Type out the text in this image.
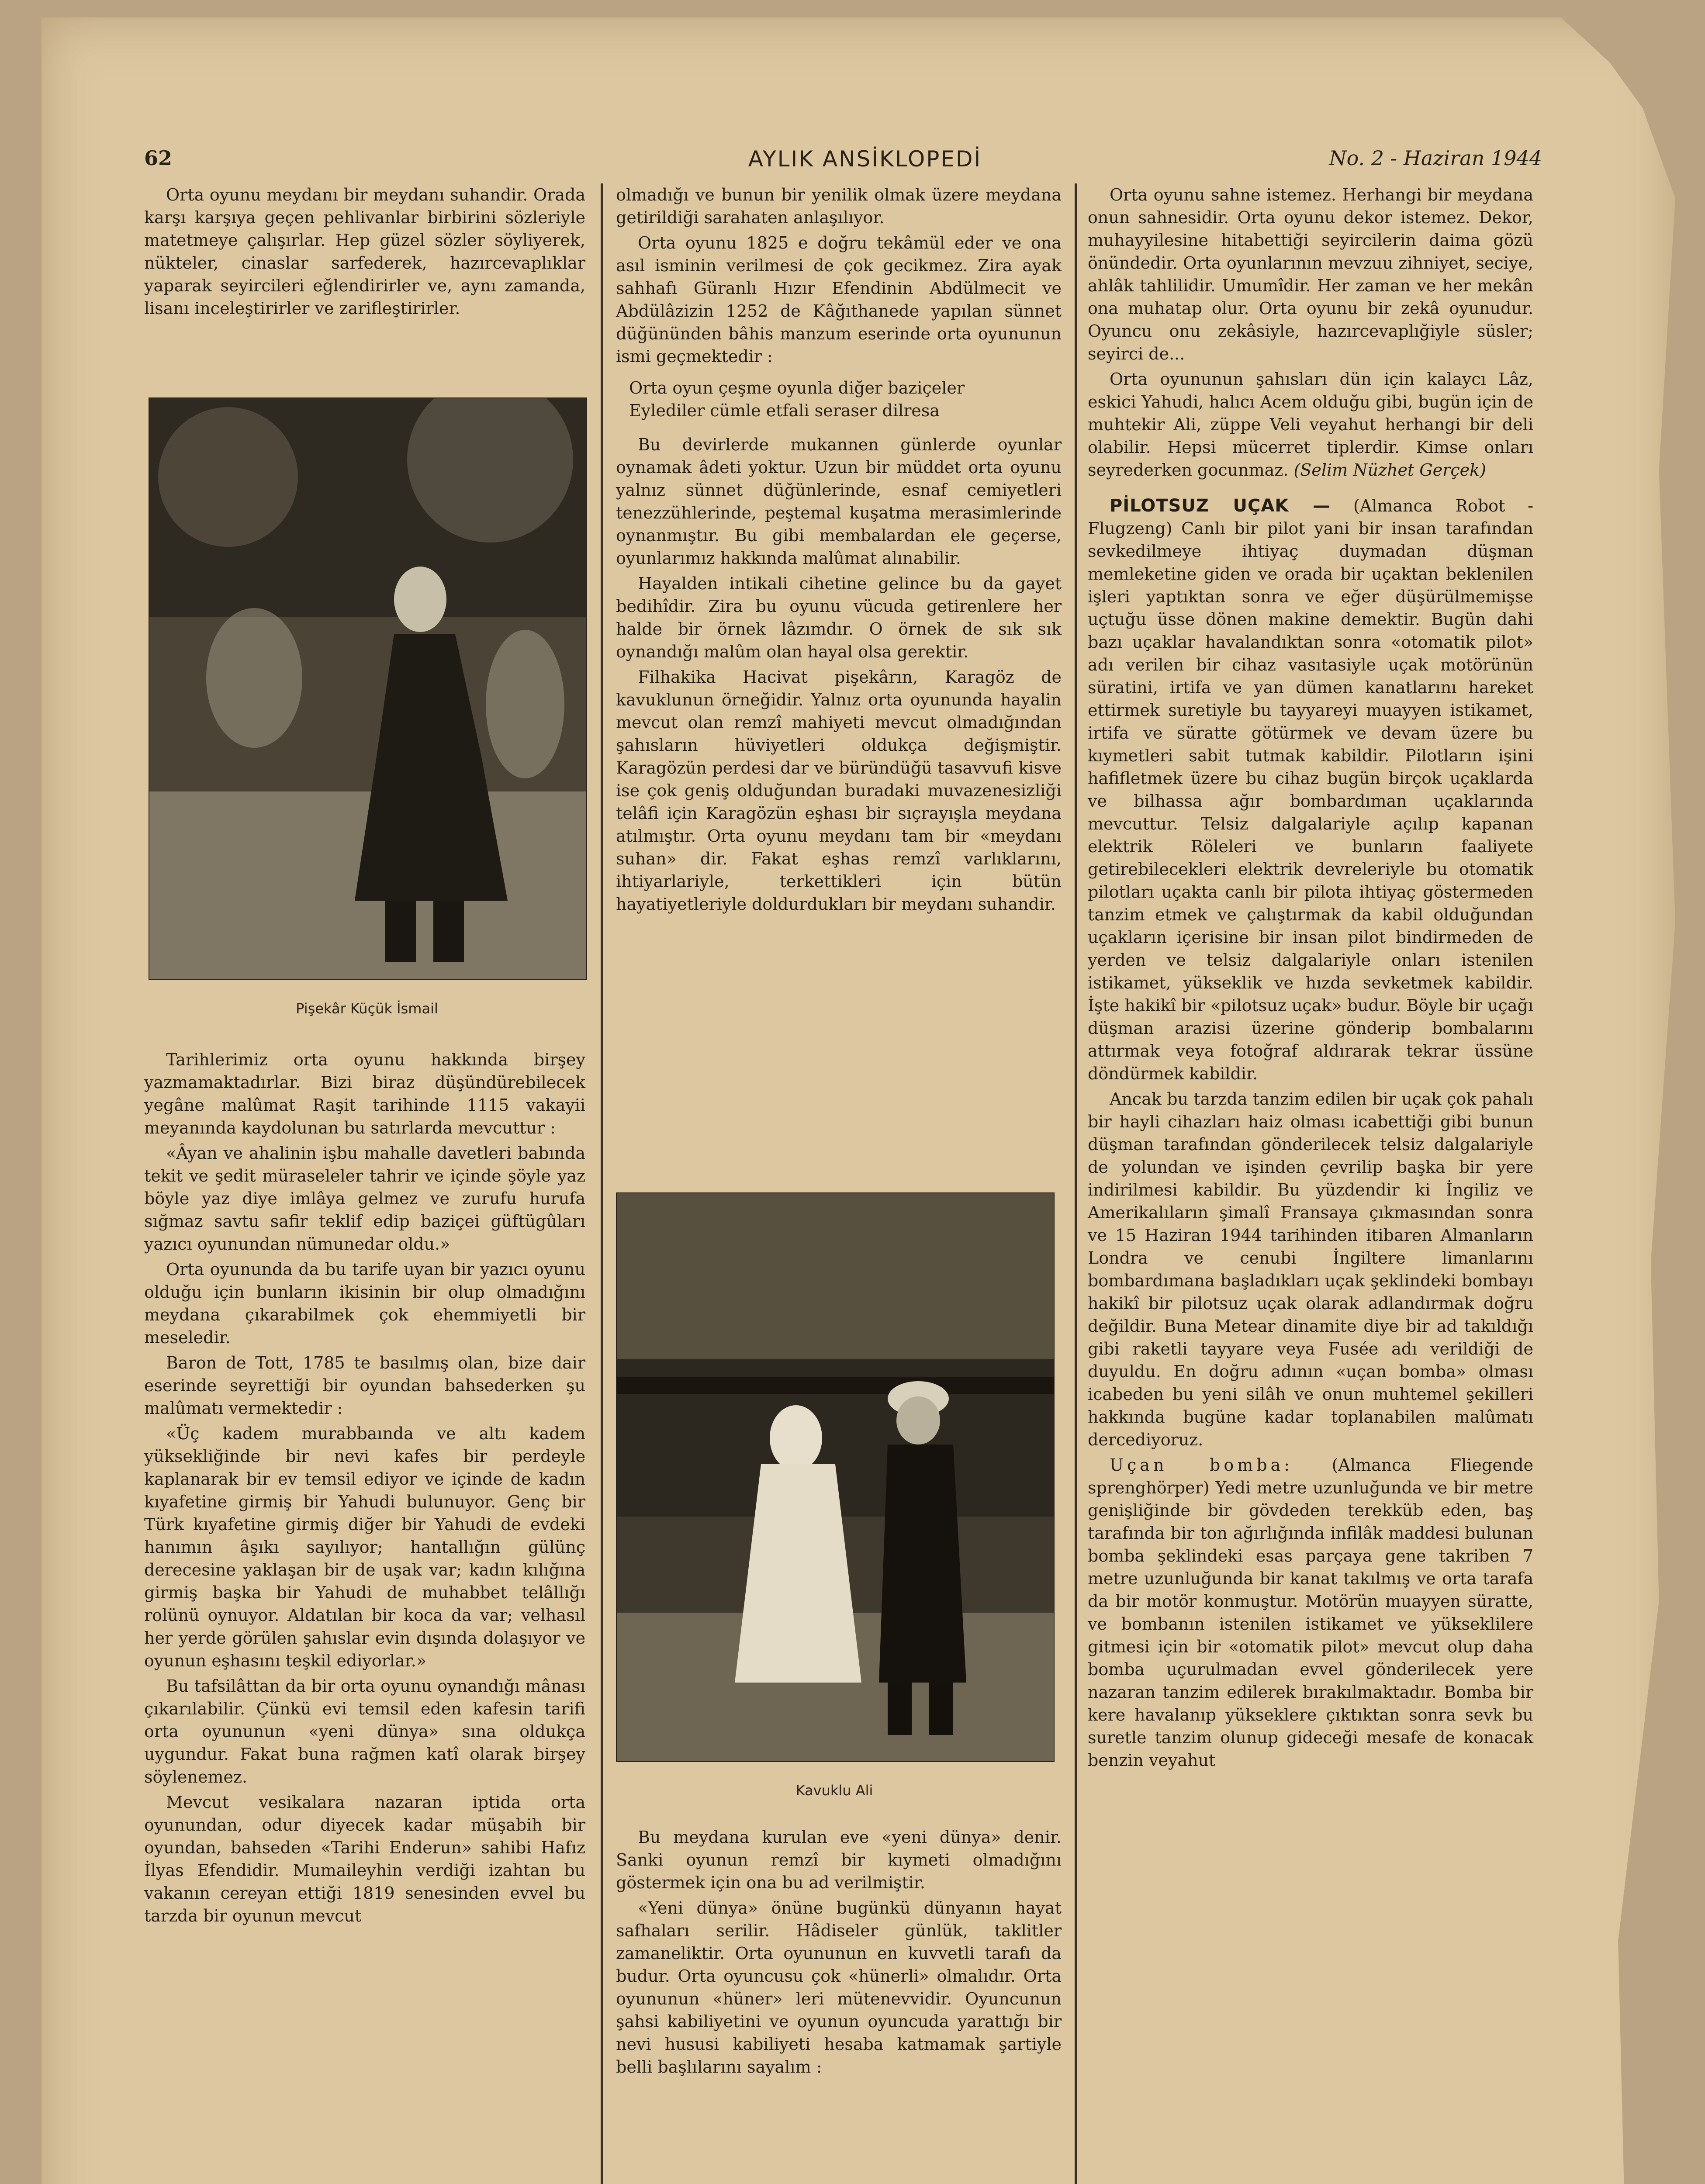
62	AYLIK ANSİKLOPEDİ	No. 2 - Haziran 1944

Orta oyunu meydanı bir meydanı suhandir. Orada karşı karşıya geçen pehlivanlar birbirini sözleriyle matetmeye çalışırlar. Hep güzel sözler söyliyerek, nükteler, cinaslar sarfederek, hazırcevaplıklar yaparak seyircileri eğlendirirler ve, aynı zamanda, lisanı inceleştirirler ve zarifleştirirler.

Pişekâr Küçük İsmail

Tarihlerimiz orta oyunu hakkında birşey yazmamaktadırlar. Bizi biraz düşündürebilecek yegâne malûmat Raşit tarihinde 1115 vakayii meyanında kaydolunan bu satırlarda mevcuttur :

«Âyan ve ahalinin işbu mahalle davetleri babında tekit ve şedit müraseleler tahrir ve içinde şöyle yaz böyle yaz diye imlâya gelmez ve zurufu hurufa sığmaz savtu safir teklif edip baziçei güftügûları yazıcı oyunundan nümunedar oldu.»

Orta oyununda da bu tarife uyan bir yazıcı oyunu olduğu için bunların ikisinin bir olup olmadığını meydana çıkarabilmek çok ehemmiyetli bir meseledir.

Baron de Tott, 1785 te basılmış olan, bize dair eserinde seyrettiği bir oyundan bahsederken şu malûmatı vermektedir :

«Üç kadem murabbaında ve altı kadem yüksekliğinde bir nevi kafes bir perdeyle kaplanarak bir ev temsil ediyor ve içinde de kadın kıyafetine girmiş bir Yahudi bulunuyor. Genç bir Türk kıyafetine girmiş diğer bir Yahudi de evdeki hanımın âşıkı sayılıyor; hantallığın gülünç derecesine yaklaşan bir de uşak var; kadın kılığına girmiş başka bir Yahudi de muhabbet telâllığı rolünü oynuyor. Aldatılan bir koca da var; velhasıl her yerde görülen şahıslar evin dışında dolaşıyor ve oyunun eşhasını teşkil ediyorlar.»

Bu tafsilâttan da bir orta oyunu oynandığı mânası çıkarılabilir. Çünkü evi temsil eden kafesin tarifi orta oyununun «yeni dünya» sına oldukça uygundur. Fakat buna rağmen katî olarak birşey söylenemez.

Mevcut vesikalara nazaran iptida orta oyunundan, odur diyecek kadar müşabih bir oyundan, bahseden «Tarihi Enderun» sahibi Hafız İlyas Efendidir. Mumaileyhin verdiği izahtan bu vakanın cereyan ettiği 1819 senesinden evvel bu tarzda bir oyunun mevcut

olmadığı ve bunun bir yenilik olmak üzere meydana getirildiği sarahaten anlaşılıyor.

Orta oyunu 1825 e doğru tekâmül eder ve ona asıl isminin verilmesi de çok gecikmez. Zira ayak sahhafı Güranlı Hızır Efendinin Abdülmecit ve Abdülâzizin 1252 de Kâğıthanede yapılan sünnet düğününden bâhis manzum eserinde orta oyununun ismi geçmektedir :

Orta oyun çeşme oyunla diğer baziçeler
Eylediler cümle etfali seraser dilresa

Bu devirlerde mukannen günlerde oyunlar oynamak âdeti yoktur. Uzun bir müddet orta oyunu yalnız sünnet düğünlerinde, esnaf cemiyetleri tenezzühlerinde, peştemal kuşatma merasimlerinde oynanmıştır. Bu gibi membalardan ele geçerse, oyunlarımız hakkında malûmat alınabilir.

Hayalden intikali cihetine gelince bu da gayet bedihîdir. Zira bu oyunu vücuda getirenlere her halde bir örnek lâzımdır. O örnek de sık sık oynandığı malûm olan hayal olsa gerektir.

Filhakika Hacivat pişekârın, Karagöz de kavuklunun örneğidir. Yalnız orta oyununda hayalin mevcut olan remzî mahiyeti mevcut olmadığından şahısların hüviyetleri oldukça değişmiştir. Karagözün perdesi dar ve büründüğü tasavvufi kisve ise çok geniş olduğundan buradaki muvazenesizliği telâfi için Karagözün eşhası bir sıçrayışla meydana atılmıştır. Orta oyunu meydanı tam bir «meydanı suhan» dir. Fakat eşhas remzî varlıklarını, ihtiyarlariyle, terkettikleri için bütün hayatiyetleriyle doldurdukları bir meydanı suhandir.

Kavuklu Ali

Bu meydana kurulan eve «yeni dünya» denir. Sanki oyunun remzî bir kıymeti olmadığını göstermek için ona bu ad verilmiştir.

«Yeni dünya» önüne bugünkü dünyanın hayat safhaları serilir. Hâdiseler günlük, taklitler zamaneliktir. Orta oyununun en kuvvetli tarafı da budur. Orta oyuncusu çok «hünerli» olmalıdır. Orta oyununun «hüner» leri mütenevvidir. Oyuncunun şahsi kabiliyetini ve oyunun oyuncuda yarattığı bir nevi hususi kabiliyeti hesaba katmamak şartiyle belli başlılarını sayalım :

Orta oyunu sahne istemez. Herhangi bir meydana onun sahnesidir. Orta oyunu dekor istemez. Dekor, muhayyilesine hitabettiği seyircilerin daima gözü önündedir. Orta oyunlarının mevzuu zihniyet, seciye, ahlâk tahlilidir. Umumîdir. Her zaman ve her mekân ona muhatap olur. Orta oyunu bir zekâ oyunudur. Oyuncu onu zekâsiyle, hazırcevaplığiyle süsler; seyirci de...

Orta oyununun şahısları dün için kalaycı Lâz, eskici Yahudi, halıcı Acem olduğu gibi, bugün için de muhtekir Ali, züppe Veli veyahut herhangi bir deli olabilir. Hepsi mücerret tiplerdir. Kimse onları seyrederken gocunmaz. (Selim Nüzhet Gerçek)

PİLOTSUZ UÇAK — (Almanca Robot - Flugzeng) Canlı bir pilot yani bir insan tarafından sevkedilmeye ihtiyaç duymadan düşman memleketine giden ve orada bir uçaktan beklenilen işleri yaptıktan sonra ve eğer düşürülmemişse uçtuğu üsse dönen makine demektir. Bugün dahi bazı uçaklar havalandıktan sonra «otomatik pilot» adı verilen bir cihaz vasıtasiyle uçak motörünün süratini, irtifa ve yan dümen kanatlarını hareket ettirmek suretiyle bu tayyareyi muayyen istikamet, irtifa ve süratte götürmek ve devam üzere bu kıymetleri sabit tutmak kabildir. Pilotların işini hafifletmek üzere bu cihaz bugün birçok uçaklarda ve bilhassa ağır bombardıman uçaklarında mevcuttur. Telsiz dalgalariyle açılıp kapanan elektrik Röleleri ve bunların faaliyete getirebilecekleri elektrik devreleriyle bu otomatik pilotları uçakta canlı bir pilota ihtiyaç göstermeden tanzim etmek ve çalıştırmak da kabil olduğundan uçakların içerisine bir insan pilot bindirmeden de yerden ve telsiz dalgalariyle onları istenilen istikamet, yükseklik ve hızda sevketmek kabildir. İşte hakikî bir «pilotsuz uçak» budur. Böyle bir uçağı düşman arazisi üzerine gönderip bombalarını attırmak veya fotoğraf aldırarak tekrar üssüne döndürmek kabildir.

Ancak bu tarzda tanzim edilen bir uçak çok pahalı bir hayli cihazları haiz olması icabettiği gibi bunun düşman tarafından gönderilecek telsiz dalgalariyle de yolundan ve işinden çevrilip başka bir yere indirilmesi kabildir. Bu yüzdendir ki İngiliz ve Amerikalıların şimalî Fransaya çıkmasından sonra ve 15 Haziran 1944 tarihinden itibaren Almanların Londra ve cenubi İngiltere limanlarını bombardımana başladıkları uçak şeklindeki bombayı hakikî bir pilotsuz uçak olarak adlandırmak doğru değildir. Buna Metear dinamite diye bir ad takıldığı gibi raketli tayyare veya Fusée adı verildiği de duyuldu. En doğru adının «uçan bomba» olması icabeden bu yeni silâh ve onun muhtemel şekilleri hakkında bugüne kadar toplanabilen malûmatı dercediyoruz.

Uçan bomba: (Almanca Fliegende sprenghörper) Yedi metre uzunluğunda ve bir metre genişliğinde bir gövdeden terekküb eden, baş tarafında bir ton ağırlığında infilâk maddesi bulunan bomba şeklindeki esas parçaya gene takriben 7 metre uzunluğunda bir kanat takılmış ve orta tarafa da bir motör konmuştur. Motörün muayyen süratte, ve bombanın istenilen istikamet ve yükseklilere gitmesi için bir «otomatik pilot» mevcut olup daha bomba uçurulmadan evvel gönderilecek yere nazaran tanzim edilerek bırakılmaktadır. Bomba bir kere havalanıp yükseklere çıktıktan sonra sevk bu suretle tanzim olunup gideceği mesafe de konacak benzin veyahut
